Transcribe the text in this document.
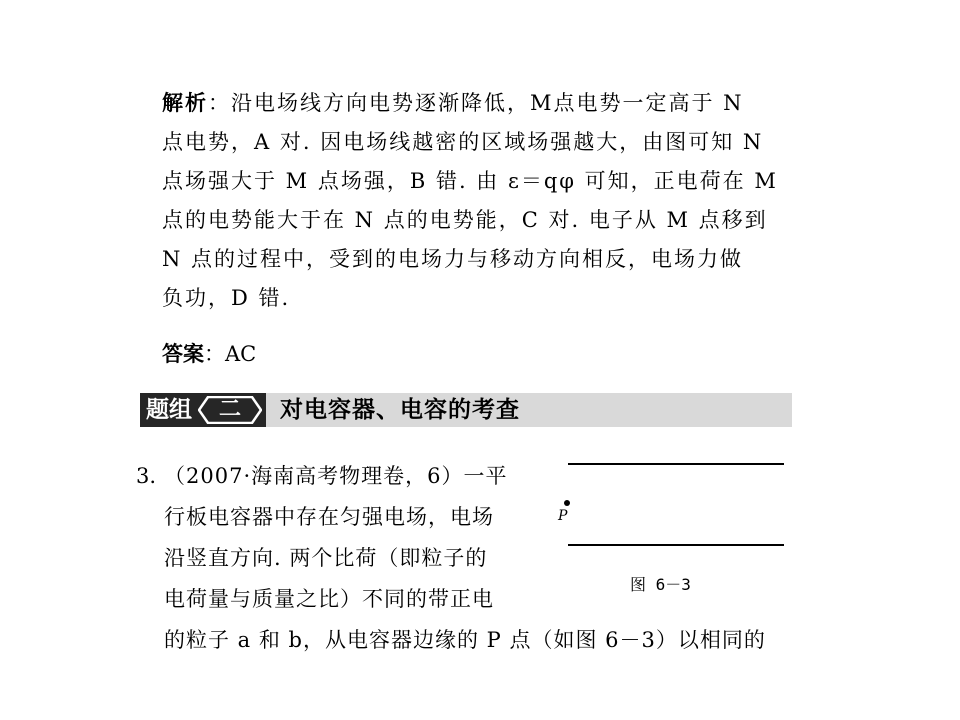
解析：沿电场线方向电势逐渐降低，M点电势一定高于 N
点电势，A 对. 因电场线越密的区域场强越大，由图可知 N
点场强大于 M 点场强，B 错. 由 ε＝qφ 可知，正电荷在 M
点的电势能大于在 N 点的电势能，C 对. 电子从 M 点移到
N 点的过程中，受到的电场力与移动方向相反，电场力做
负功，D 错.
答案：AC
题组	二	对电容器、电容的考查
3. （2007·海南高考物理卷，6）一平
行板电容器中存在匀强电场，电场
沿竖直方向. 两个比荷（即粒子的
电荷量与质量之比）不同的带正电
的粒子 a 和 b，从电容器边缘的 P 点（如图 6－3）以相同的
P
图 6－3
